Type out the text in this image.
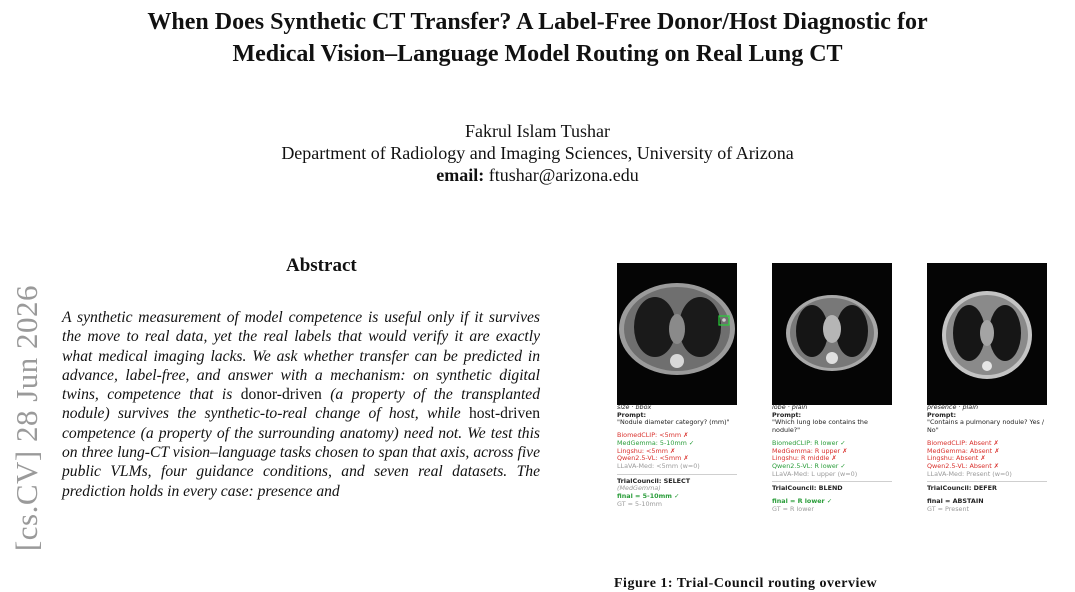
When Does Synthetic CT Transfer? A Label-Free Donor/Host Diagnostic for
Medical Vision–Language Model Routing on Real Lung CT
Fakrul Islam Tushar
Department of Radiology and Imaging Sciences, University of Arizona
email: ftushar@arizona.edu
[cs.CV] 28 Jun 2026
Abstract
A synthetic measurement of model competence is useful only if it survives the move to real data, yet the real labels that would verify it are exactly what medical imaging lacks. We ask whether transfer can be predicted in advance, label-free, and answer with a mechanism: on synthetic digital twins, competence that is donor-driven (a property of the transplanted nodule) survives the synthetic-to-real change of host, while host-driven competence (a property of the surrounding anatomy) need not. We test this on three lung-CT vision–language tasks chosen to span that axis, across five public VLMs, four guidance conditions, and seven real datasets. The prediction holds in every case: presence and
size · bbox
Prompt:
"Nodule diameter category? (mm)"
BiomedCLIP: <5mm ✗
MedGemma: 5-10mm ✓
Lingshu: <5mm ✗
Qwen2.5-VL: <5mm ✗
LLaVA-Med: <5mm (w=0)
TrialCouncil: SELECT
(MedGemma)
final = 5-10mm ✓
GT = 5-10mm
lobe · plain
Prompt:
"Which lung lobe contains the nodule?"
BiomedCLIP: R lower ✓
MedGemma: R upper ✗
Lingshu: R middle ✗
Qwen2.5-VL: R lower ✓
LLaVA-Med: L upper (w=0)
TrialCouncil: BLEND
final = R lower ✓
GT = R lower
presence · plain
Prompt:
"Contains a pulmonary nodule? Yes / No"
BiomedCLIP: Absent ✗
MedGemma: Absent ✗
Lingshu: Absent ✗
Qwen2.5-VL: Absent ✗
LLaVA-Med: Present (w=0)
TrialCouncil: DEFER
final = ABSTAIN
GT = Present
Figure 1: Trial-Council routing overview
